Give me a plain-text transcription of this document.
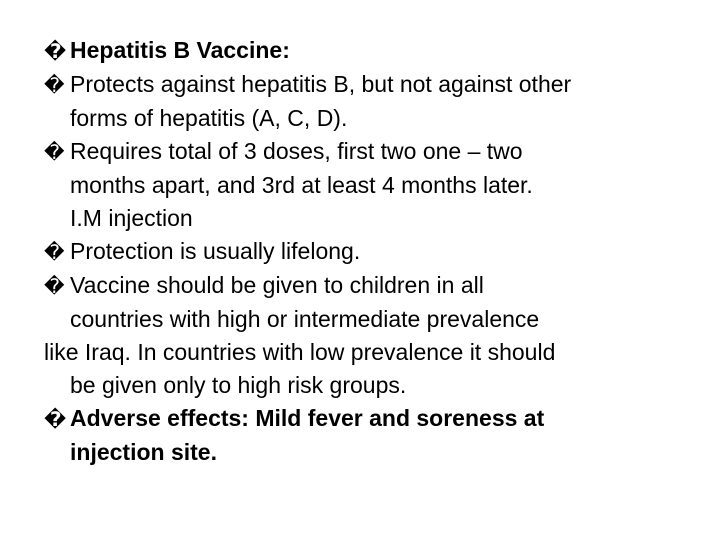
� Hepatitis B Vaccine:
� Protects against hepatitis B, but not against other
forms of hepatitis (A, C, D).
� Requires total of 3 doses, first two one – two
months apart, and 3rd at least 4 months later.
I.M injection
� Protection is usually lifelong.
� Vaccine should be given to children in all
countries with high or intermediate prevalence
like Iraq. In countries with low prevalence it should
be given only to high risk groups.
� Adverse effects: Mild fever and soreness at
injection site.
